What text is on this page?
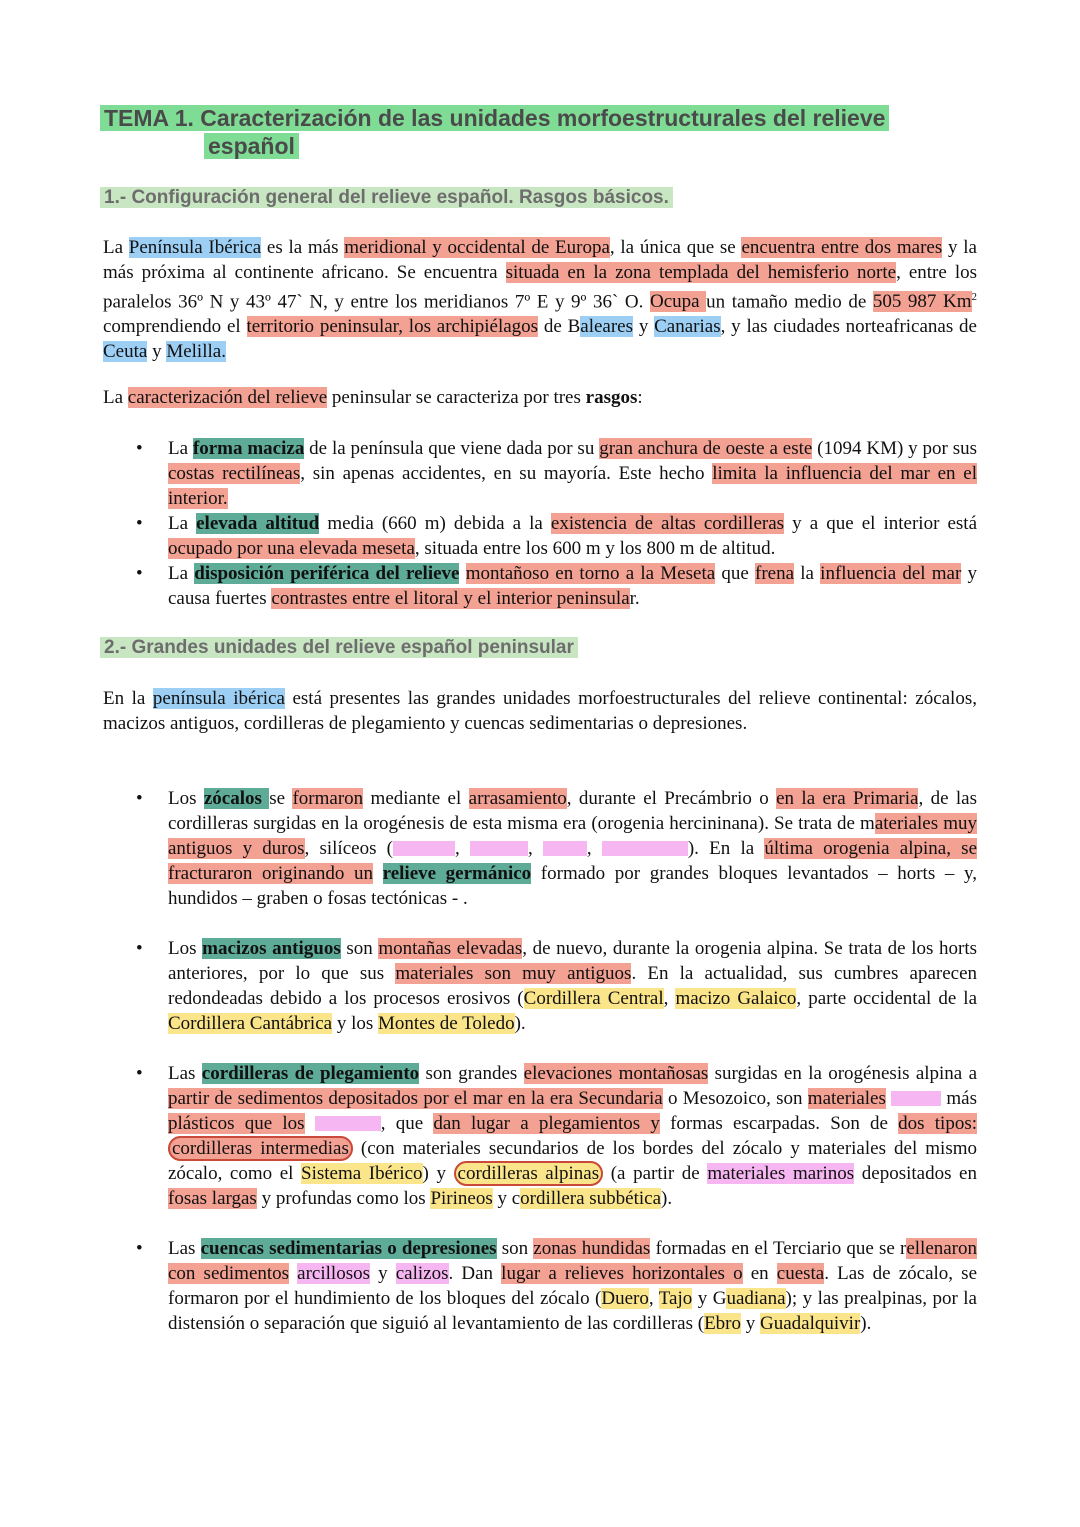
TEMA 1. Caracterización de las unidades morfoestructurales del relieve
español
1.- Configuración general del relieve español. Rasgos básicos.

La Península Ibérica es la más meridional y occidental de Europa, la única que se encuentra entre dos mares y la más próxima al continente africano. Se encuentra situada en la zona templada del hemisferio norte, entre los paralelos 36º N y 43º 47` N, y entre los meridianos 7º E y 9º 36` O. Ocupa un tamaño medio de 505 987 Km$^2$ comprendiendo el territorio peninsular, los archipiélagos de Baleares y Canarias, y las ciudades norteafricanas de Ceuta y Melilla.

La caracterización del relieve peninsular se caracteriza por tres rasgos:

• La forma maciza de la península que viene dada por su gran anchura de oeste a este (1094 KM) y por sus costas rectilíneas, sin apenas accidentes, en su mayoría. Este hecho limita la influencia del mar en el interior.
• La elevada altitud media (660 m) debida a la existencia de altas cordilleras y a que el interior está ocupado por una elevada meseta, situada entre los 600 m y los 800 m de altitud.
• La disposición periférica del relieve montañoso en torno a la Meseta que frena la influencia del mar y causa fuertes contrastes entre el litoral y el interior peninsular.
2.- Grandes unidades del relieve español peninsular

En la península ibérica está presentes las grandes unidades morfoestructurales del relieve continental: zócalos, macizos antiguos, cordilleras de plegamiento y cuencas sedimentarias o depresiones.

• Los zócalos se formaron mediante el arrasamiento, durante el Precámbrio o en la era Primaria, de las cordilleras surgidas en la orogénesis de esta misma era (orogenia hercininana). Se trata de materiales muy antiguos y duros, silíceos (	,	, ,	). En la última orogenia alpina, se fracturaron originando un relieve germánico formado por grandes bloques levantados – horts – y, hundidos – graben o fosas tectónicas - .
• Los macizos antiguos son montañas elevadas, de nuevo, durante la orogenia alpina. Se trata de los horts anteriores, por lo que sus materiales son muy antiguos. En la actualidad, sus cumbres aparecen redondeadas debido a los procesos erosivos (Cordillera Central, macizo Galaico, parte occidental de la Cordillera Cantábrica y los Montes de Toledo).
• Las cordilleras de plegamiento son grandes elevaciones montañosas surgidas en la orogénesis alpina a partir de sedimentos depositados por el mar en la era Secundaria o Mesozoico, son materiales	más plásticos que los	, que dan lugar a plegamientos y formas escarpadas. Son de dos tipos: cordilleras intermedias (con materiales secundarios de los bordes del zócalo y materiales del mismo zócalo, como el Sistema Ibérico) y cordilleras alpinas (a partir de materiales marinos depositados en fosas largas y profundas como los Pirineos y cordillera subbética).
• Las cuencas sedimentarias o depresiones son zonas hundidas formadas en el Terciario que se rellenaron con sedimentos arcillosos y calizos. Dan lugar a relieves horizontales o en cuesta. Las de zócalo, se formaron por el hundimiento de los bloques del zócalo (Duero, Tajo y Guadiana); y las prealpinas, por la distensión o separación que siguió al levantamiento de las cordilleras (Ebro y Guadalquivir).
